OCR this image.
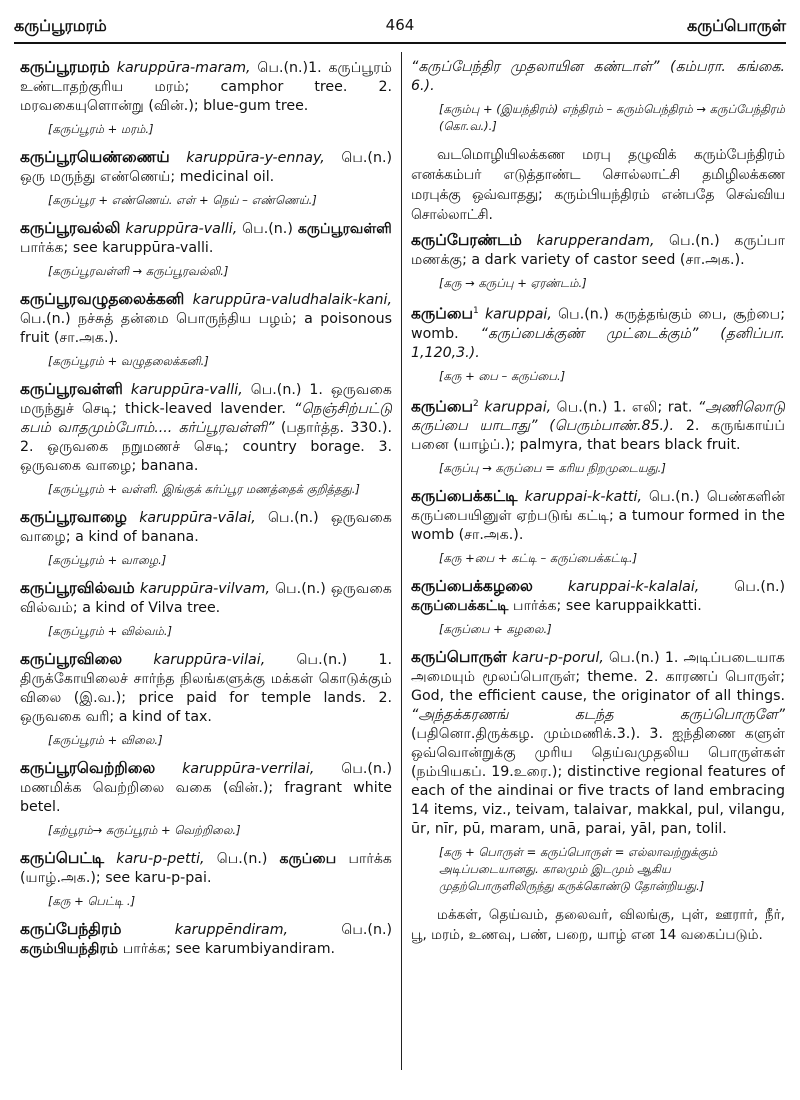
கருப்பூரமரம்	464	கருப்பொருள்

கருப்பூரமரம் karuppūra-maram, பெ.(n.)1. கருப்பூரம் உண்டாதற்குரிய மரம்; camphor tree. 2. மரவகையுளொன்று (வின்.); blue-gum tree.

[கருப்பூரம் + மரம்.]

கருப்பூரயெண்ணைய் karuppūra-y-ennay, பெ.(n.) ஒரு மருந்து எண்ணெய்; medicinal oil.

[கருப்பூர + எண்ணெய். எள் + நெய் – எண்ணெய்.]

கருப்பூரவல்லி karuppūra-valli, பெ.(n.) கருப்பூரவள்ளி பார்க்க; see karuppūra-valli.

[கருப்பூரவள்ளி → கருப்பூரவல்லி.]

கருப்பூரவழுதலைக்கனி karuppūra-valudhalaik-kani, பெ.(n.) நச்சுத் தன்மை பொருந்திய பழம்; a poisonous fruit (சா.அக.).

[கருப்பூரம் + வழுதலைக்கனி.]

கருப்பூரவள்ளி karuppūra-valli, பெ.(n.) 1. ஒருவகை மருந்துச் செடி; thick-leaved lavender. “நெஞ்சிற்பட்டு கபம் வாதமும்போம்.... கர்ப்பூரவள்ளி” (பதார்த்த. 330.). 2. ஒருவகை நறுமணச் செடி; country borage. 3. ஒருவகை வாழை; banana.

[கருப்பூரம் + வள்ளி. இங்குக் கர்ப்பூர மணத்தைக் குறித்தது.]

கருப்பூரவாழை karuppūra-vālai, பெ.(n.) ஒருவகை வாழை; a kind of banana.

[கருப்பூரம் + வாழை.]

கருப்பூரவில்வம் karuppūra-vilvam, பெ.(n.) ஒருவகை வில்வம்; a kind of Vilva tree.

[கருப்பூரம் + வில்வம்.]

கருப்பூரவிலை karuppūra-vilai, பெ.(n.) 1. திருக்கோயிலைச் சார்ந்த நிலங்களுக்கு மக்கள் கொடுக்கும் விலை (இ.வ.); price paid for temple lands. 2. ஒருவகை வரி; a kind of tax.

[கருப்பூரம் + விலை.]

கருப்பூரவெற்றிலை karuppūra-verrilai, பெ.(n.) மணமிக்க வெற்றிலை வகை (வின்.); fragrant white betel.

[கற்பூரம்→ கருப்பூரம் + வெற்றிலை.]

கருப்பெட்டி karu-p-petti, பெ.(n.) கருப்பை பார்க்க (யாழ்.அக.); see karu-p-pai.

[கரு + பெட்டி .]

கருப்பேந்திரம்	karuppēndiram, பெ.(n.) கரும்பியந்திரம் பார்க்க; see karumbiyandiram.

“கருப்பேந்திர முதலாயின கண்டாள்” (கம்பரா. கங்கை. 6.).

[கரும்பு + (இயந்திரம்) எந்திரம் – கரும்பெந்திரம் → கருப்பேந்திரம் (கொ.வ.).]

வடமொழியிலக்கண மரபு தழுவிக் கரும்பேந்திரம் எனக்கம்பர் எடுத்தாண்ட சொல்லாட்சி தமிழிலக்கண மரபுக்கு ஒவ்வாதது; கரும்பியந்திரம் என்பதே செவ்விய சொல்லாட்சி.

கருப்பேரண்டம் karupperandam, பெ.(n.) கருப்பா மணக்கு; a dark variety of castor seed (சா.அக.).

[கரு → கருப்பு + ஏரண்டம்.]

கருப்பை$^1$ karuppai, பெ.(n.) கருத்தங்கும் பை, சூற்பை; womb. “கருப்பைக்குண் முட்டைக்கும்” (தனிப்பா. 1,120,3.).

[கரு + பை – கருப்பை.]

கருப்பை$^2$ karuppai, பெ.(n.) 1. எலி; rat. “அணிலொடு கருப்பை யாடாது” (பெரும்பாண்.85.). 2. கருங்காய்ப் பனை (யாழ்ப்.); palmyra, that bears black fruit.

[கருப்பு → கருப்பை = கரிய நிறமுடையது.]

கருப்பைக்கட்டி karuppai-k-katti, பெ.(n.) பெண்களின் கருப்பையினுள் ஏற்படுங் கட்டி; a tumour formed in the womb (சா.அக.).

[கரு +பை + கட்டி – கருப்பைக்கட்டி.]

கருப்பைக்கழலை karuppai-k-kalalai, பெ.(n.) கருப்பைக்கட்டி பார்க்க; see karuppaikkatti.

[கருப்பை + கழலை.]

கருப்பொருள் karu-p-porul, பெ.(n.) 1. அடிப்படையாக அமையும் மூலப்பொருள்; theme. 2. காரணப் பொருள்; God, the efficient cause, the originator of all things. “அந்தக்கரணங் கடந்த கருப்பொருளே” (பதினொ.திருக்கழ. மும்மணிக்.3.). 3. ஐந்திணை களுள் ஒவ்வொன்றுக்கு முரிய தெய்வமுதலிய பொருள்கள் (நம்பியகப். 19.உரை.); distinctive regional features of each of the aindinai or five tracts of land embracing 14 items, viz., teivam, talaivar, makkal, pul, vilangu, ūr, nīr, pū, maram, unā, parai, yāl, pan, tolil.

[கரு + பொருள் = கருப்பொருள் = எல்லாவற்றுக்கும் அடிப்படையானது. காலமும் இடமும் ஆகிய முதற்பொருளிலிருந்து கருக்கொண்டு தோன்றியது.]

மக்கள், தெய்வம், தலைவர், விலங்கு, புள், ஊரார், நீர், பூ, மரம், உணவு, பண், பறை, யாழ் என 14 வகைப்படும்.
